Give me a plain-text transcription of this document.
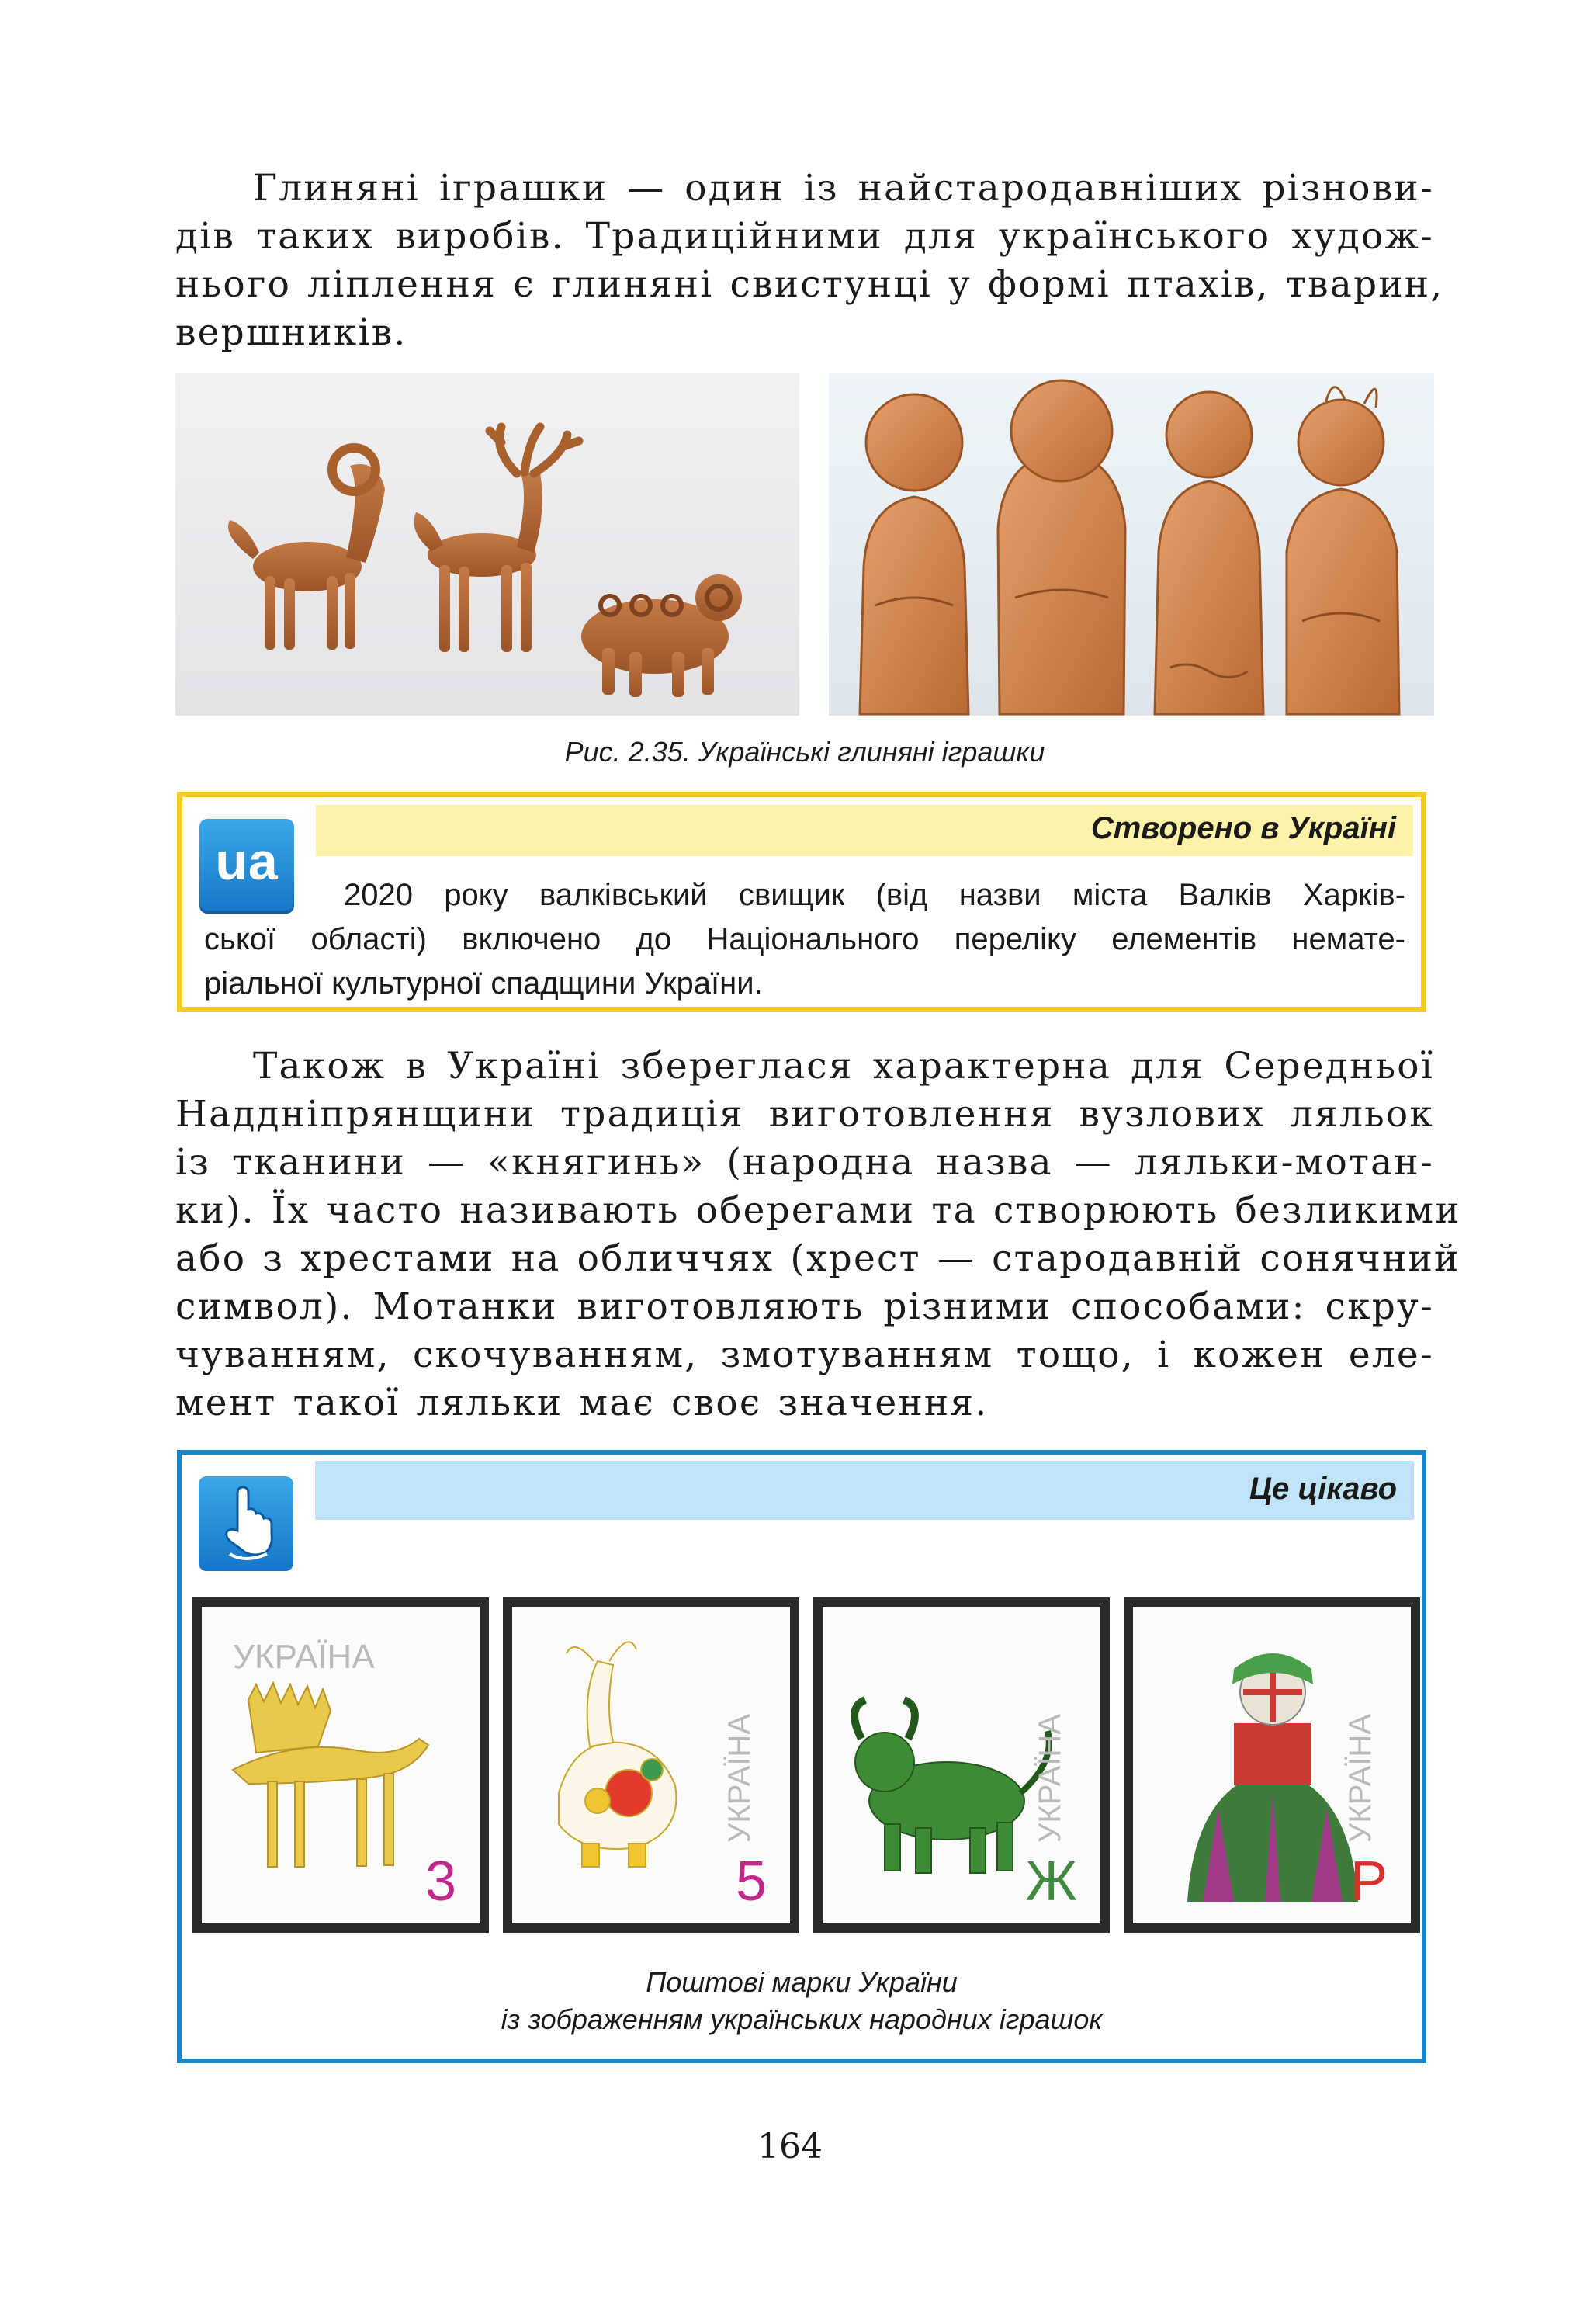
Глиняні іграшки — один із найстародавніших різнови-
дів таких виробів. Традиційними для українського худож-
нього ліплення є глиняні свистунці у формі птахів, тварин,
вершників.

Рис. 2.35. Українські глиняні іграшки
Створено в Україні
ua

2020 року валківський свищик (від назви міста Валків Харків-
ської області) включено до Національного переліку елементів немате-
ріальної культурної спадщини України.

Також в Україні збереглася характерна для Середньої
Наддніпрянщини традиція виготовлення вузлових ляльок
із тканини — «княгинь» (народна назва — ляльки-мотан-
ки). Їх часто називають оберегами та створюють безликими
або з хрестами на обличчях (хрест — стародавній сонячний
символ). Мотанки виготовляють різними способами: скру-
чуванням, скочуванням, змотуванням тощо, і кожен еле-
мент такої ляльки має своє значення.

Це цікаво
УКРАЇНА
3
УКРАЇНА
5
УКРАЇНА
Ж
УКРАЇНА
Р
Поштові марки України
із зображенням українських народних іграшок
164
